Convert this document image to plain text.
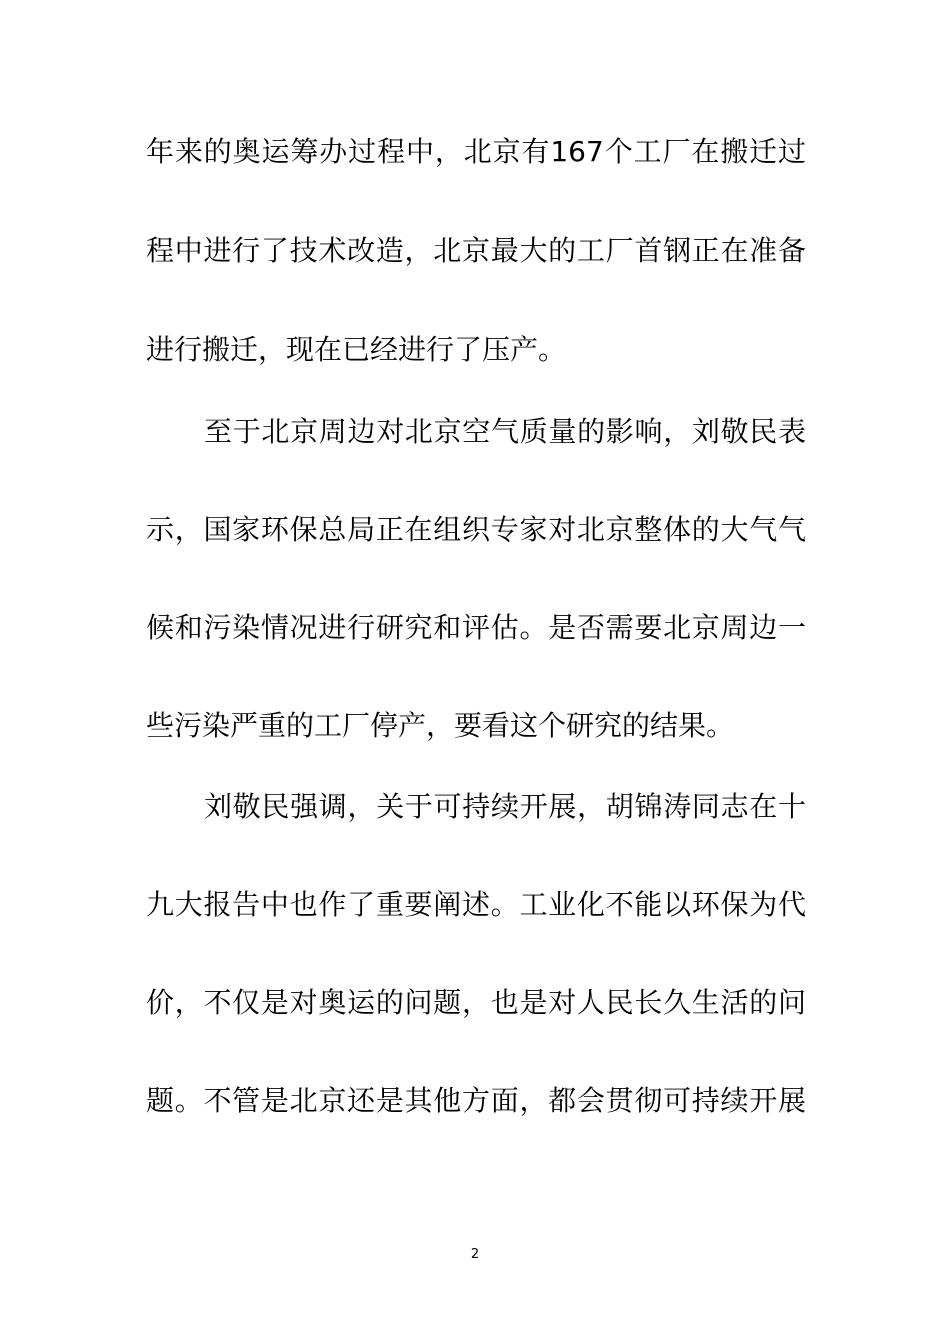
年来的奥运筹办过程中，北京有167个工厂在搬迁过
程中进行了技术改造，北京最大的工厂首钢正在准备
进行搬迁，现在已经进行了压产。
至于北京周边对北京空气质量的影响，刘敬民表
示，国家环保总局正在组织专家对北京整体的大气气
候和污染情况进行研究和评估。是否需要北京周边一
些污染严重的工厂停产，要看这个研究的结果。
刘敬民强调，关于可持续开展，胡锦涛同志在十
九大报告中也作了重要阐述。工业化不能以环保为代
价，不仅是对奥运的问题，也是对人民长久生活的问
题。不管是北京还是其他方面，都会贯彻可持续开展
2
